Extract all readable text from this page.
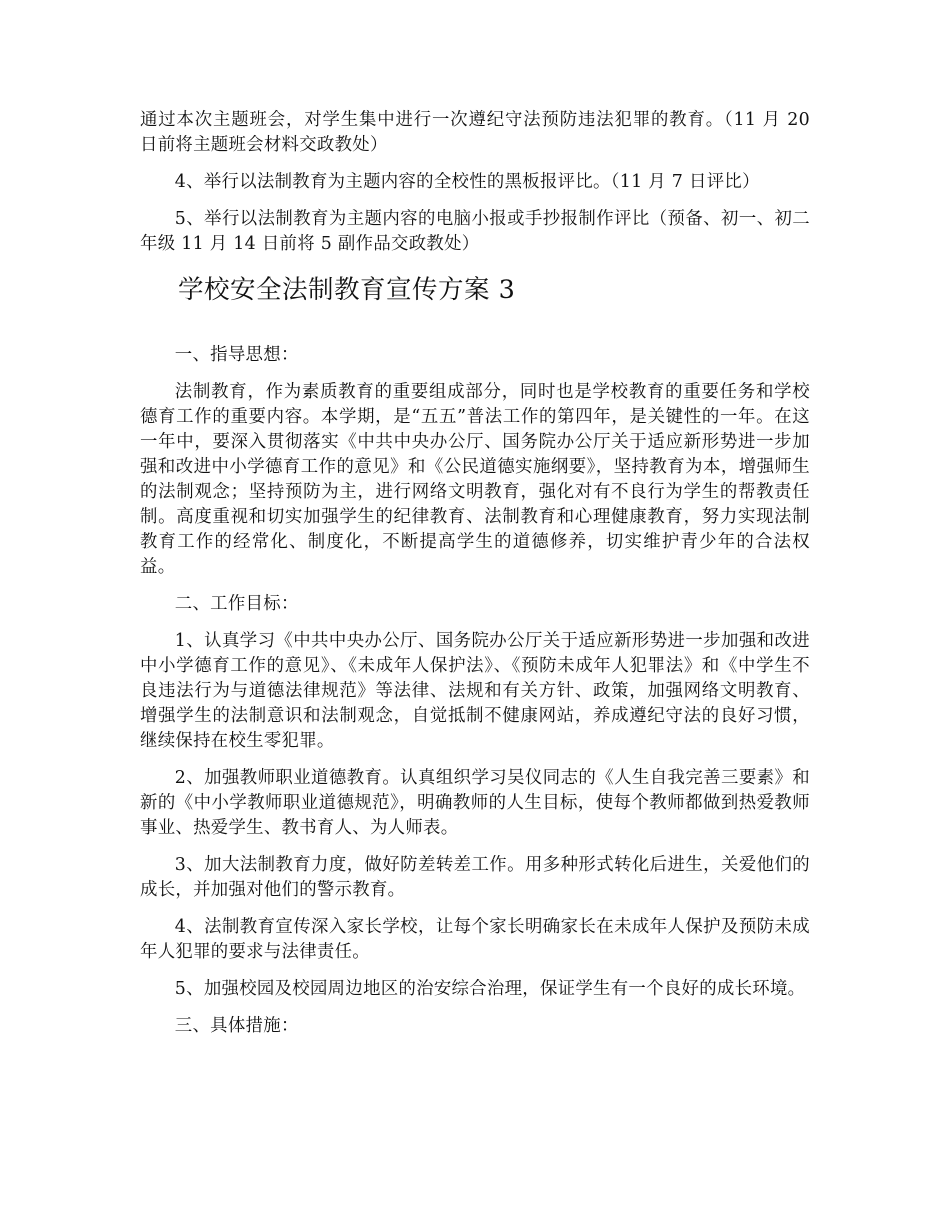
通过本次主题班会，对学生集中进行一次遵纪守法预防违法犯罪的教育。（11 月 20 日前将主题班会材料交政教处）

4、举行以法制教育为主题内容的全校性的黑板报评比。（11 月 7 日评比）

5、举行以法制教育为主题内容的电脑小报或手抄报制作评比（预备、初一、初二年级 11 月 14 日前将 5 副作品交政教处）

学校安全法制教育宣传方案 3

一、指导思想：

法制教育，作为素质教育的重要组成部分，同时也是学校教育的重要任务和学校德育工作的重要内容。本学期，是“五五”普法工作的第四年，是关键性的一年。在这一年中，要深入贯彻落实《中共中央办公厅、国务院办公厅关于适应新形势进一步加强和改进中小学德育工作的意见》和《公民道德实施纲要》，坚持教育为本，增强师生的法制观念；坚持预防为主，进行网络文明教育，强化对有不良行为学生的帮教责任制。高度重视和切实加强学生的纪律教育、法制教育和心理健康教育，努力实现法制教育工作的经常化、制度化，不断提高学生的道德修养，切实维护青少年的合法权益。

二、工作目标：

1、认真学习《中共中央办公厅、国务院办公厅关于适应新形势进一步加强和改进中小学德育工作的意见》、《未成年人保护法》、《预防未成年人犯罪法》和《中学生不良违法行为与道德法律规范》等法律、法规和有关方针、政策，加强网络文明教育、增强学生的法制意识和法制观念，自觉抵制不健康网站，养成遵纪守法的良好习惯，继续保持在校生零犯罪。

2、加强教师职业道德教育。认真组织学习吴仪同志的《人生自我完善三要素》和新的《中小学教师职业道德规范》，明确教师的人生目标，使每个教师都做到热爱教师事业、热爱学生、教书育人、为人师表。

3、加大法制教育力度，做好防差转差工作。用多种形式转化后进生，关爱他们的成长，并加强对他们的警示教育。

4、法制教育宣传深入家长学校，让每个家长明确家长在未成年人保护及预防未成年人犯罪的要求与法律责任。

5、加强校园及校园周边地区的治安综合治理，保证学生有一个良好的成长环境。

三、具体措施：
